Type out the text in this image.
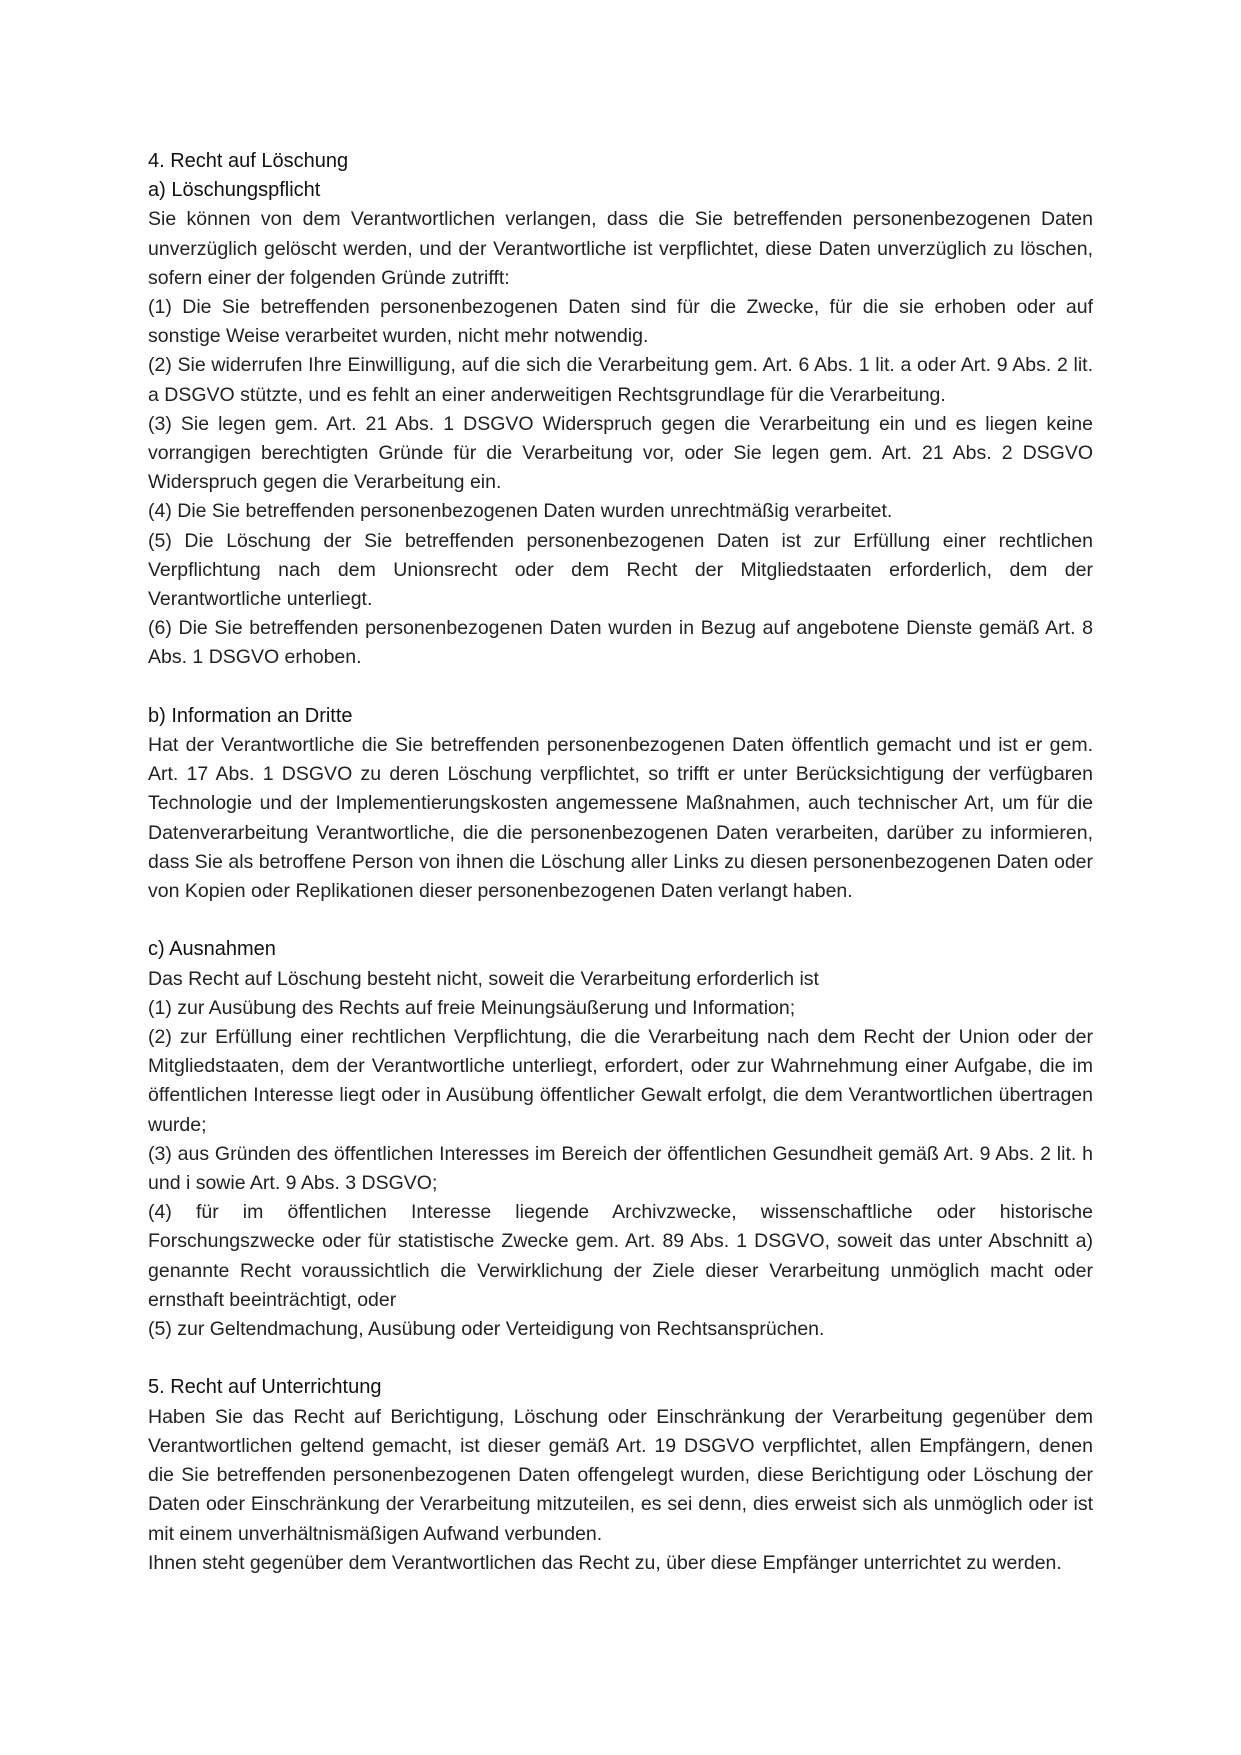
4. Recht auf Löschung

a) Löschungspflicht

Sie können von dem Verantwortlichen verlangen, dass die Sie betreffenden personenbezogenen Daten unverzüglich gelöscht werden, und der Verantwortliche ist verpflichtet, diese Daten unverzüglich zu löschen, sofern einer der folgenden Gründe zutrifft:

(1) Die Sie betreffenden personenbezogenen Daten sind für die Zwecke, für die sie erhoben oder auf sonstige Weise verarbeitet wurden, nicht mehr notwendig.

(2) Sie widerrufen Ihre Einwilligung, auf die sich die Verarbeitung gem. Art. 6 Abs. 1 lit. a oder Art. 9 Abs. 2 lit. a DSGVO stützte, und es fehlt an einer anderweitigen Rechtsgrundlage für die Verarbeitung.

(3) Sie legen gem. Art. 21 Abs. 1 DSGVO Widerspruch gegen die Verarbeitung ein und es liegen keine vorrangigen berechtigten Gründe für die Verarbeitung vor, oder Sie legen gem. Art. 21 Abs. 2 DSGVO Widerspruch gegen die Verarbeitung ein.

(4) Die Sie betreffenden personenbezogenen Daten wurden unrechtmäßig verarbeitet.

(5) Die Löschung der Sie betreffenden personenbezogenen Daten ist zur Erfüllung einer rechtlichen Verpflichtung nach dem Unionsrecht oder dem Recht der Mitgliedstaaten erforderlich, dem der Verantwortliche unterliegt.

(6) Die Sie betreffenden personenbezogenen Daten wurden in Bezug auf angebotene Dienste gemäß Art. 8 Abs. 1 DSGVO erhoben.

b) Information an Dritte

Hat der Verantwortliche die Sie betreffenden personenbezogenen Daten öffentlich gemacht und ist er gem. Art. 17 Abs. 1 DSGVO zu deren Löschung verpflichtet, so trifft er unter Berücksichtigung der verfügbaren Technologie und der Implementierungskosten angemessene Maßnahmen, auch technischer Art, um für die Datenverarbeitung Verantwortliche, die die personenbezogenen Daten verarbeiten, darüber zu informieren, dass Sie als betroffene Person von ihnen die Löschung aller Links zu diesen personenbezogenen Daten oder von Kopien oder Replikationen dieser personenbezogenen Daten verlangt haben.

c) Ausnahmen

Das Recht auf Löschung besteht nicht, soweit die Verarbeitung erforderlich ist

(1) zur Ausübung des Rechts auf freie Meinungsäußerung und Information;

(2) zur Erfüllung einer rechtlichen Verpflichtung, die die Verarbeitung nach dem Recht der Union oder der Mitgliedstaaten, dem der Verantwortliche unterliegt, erfordert, oder zur Wahrnehmung einer Aufgabe, die im öffentlichen Interesse liegt oder in Ausübung öffentlicher Gewalt erfolgt, die dem Verantwortlichen übertragen wurde;

(3) aus Gründen des öffentlichen Interesses im Bereich der öffentlichen Gesundheit gemäß Art. 9 Abs. 2 lit. h und i sowie Art. 9 Abs. 3 DSGVO;

(4) für im öffentlichen Interesse liegende Archivzwecke, wissenschaftliche oder historische Forschungszwecke oder für statistische Zwecke gem. Art. 89 Abs. 1 DSGVO, soweit das unter Abschnitt a) genannte Recht voraussichtlich die Verwirklichung der Ziele dieser Verarbeitung unmöglich macht oder ernsthaft beeinträchtigt, oder

(5) zur Geltendmachung, Ausübung oder Verteidigung von Rechtsansprüchen.

5. Recht auf Unterrichtung

Haben Sie das Recht auf Berichtigung, Löschung oder Einschränkung der Verarbeitung gegenüber dem Verantwortlichen geltend gemacht, ist dieser gemäß Art. 19 DSGVO verpflichtet, allen Empfängern, denen die Sie betreffenden personenbezogenen Daten offengelegt wurden, diese Berichtigung oder Löschung der Daten oder Einschränkung der Verarbeitung mitzuteilen, es sei denn, dies erweist sich als unmöglich oder ist mit einem unverhältnismäßigen Aufwand verbunden.

Ihnen steht gegenüber dem Verantwortlichen das Recht zu, über diese Empfänger unterrichtet zu werden.
